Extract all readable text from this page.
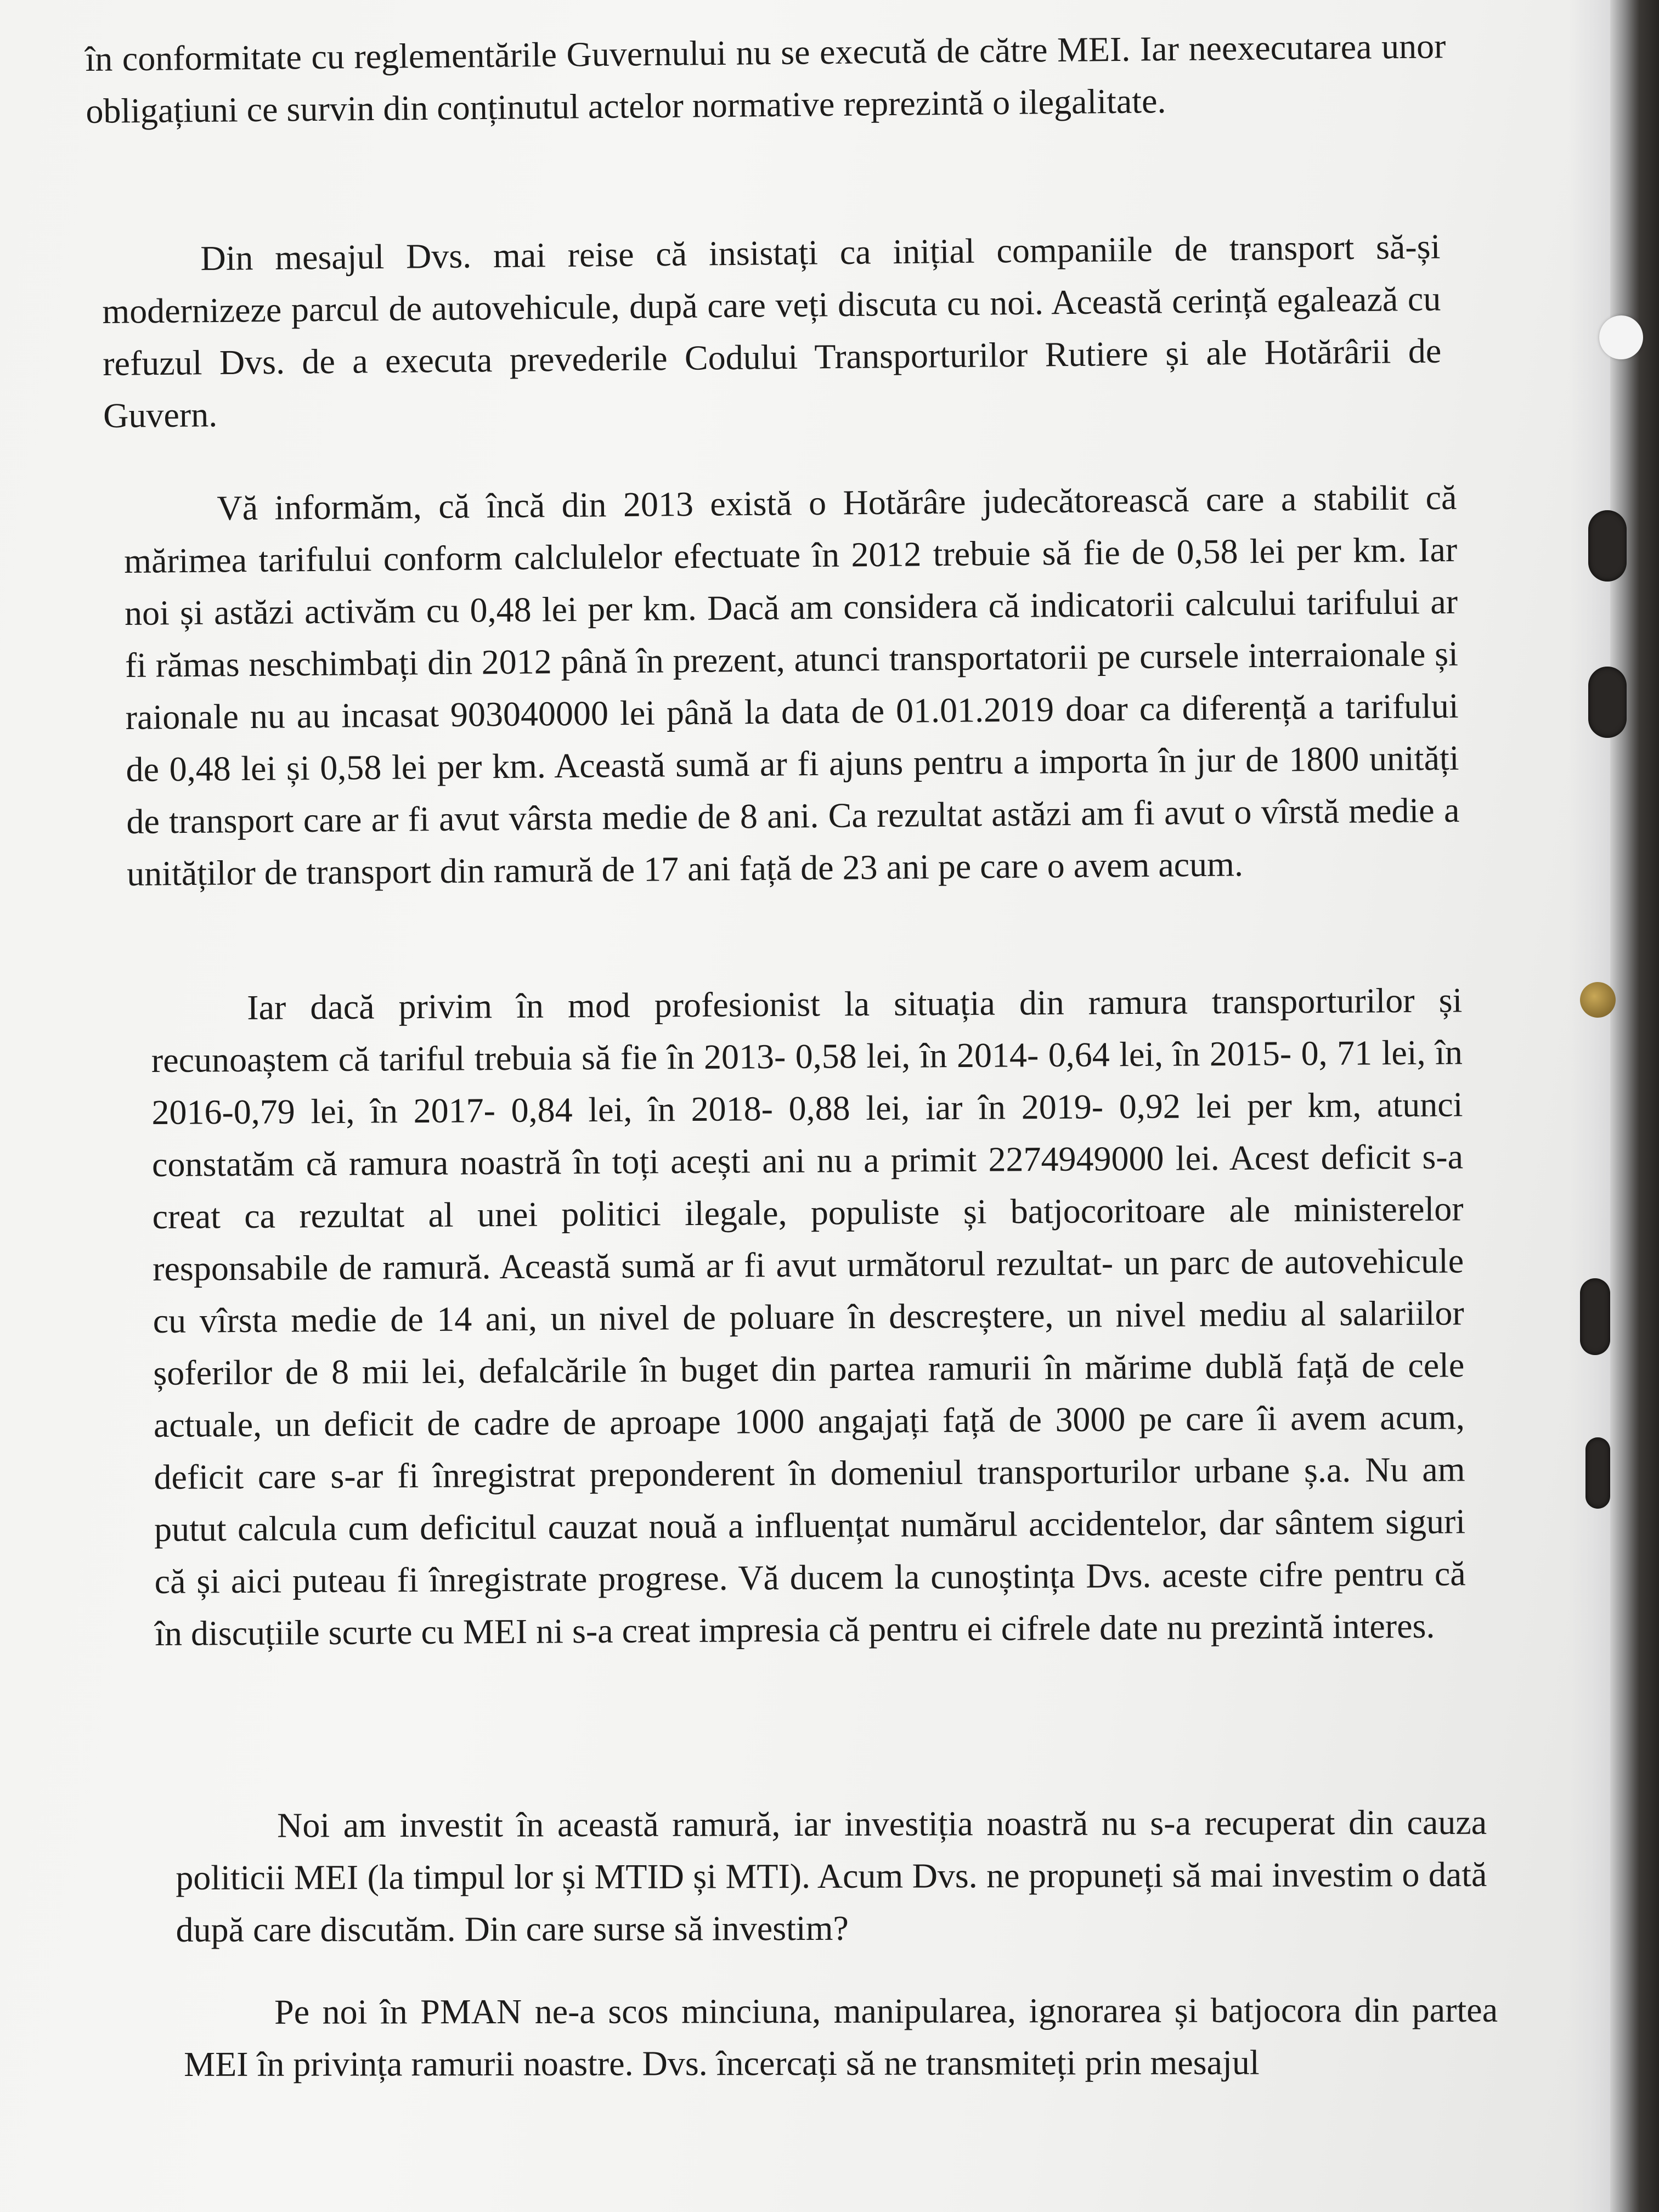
în conformitate cu reglementările Guvernului nu se execută de către MEI. Iar neexecutarea unor obligațiuni ce survin din conținutul actelor normative reprezintă o ilegalitate.

Din mesajul Dvs. mai reise că insistați ca inițial companiile de transport să-și modernizeze parcul de autovehicule, după care veți discuta cu noi. Această cerință egalează cu refuzul Dvs. de a executa prevederile Codului Transporturilor Rutiere și ale Hotărârii de Guvern.

Vă informăm, că încă din 2013 există o Hotărâre judecătorească care a stabilit că mărimea tarifului conform calclulelor efectuate în 2012 trebuie să fie de 0,58 lei per km. Iar noi și astăzi activăm cu 0,48 lei per km. Dacă am considera că indicatorii calcului tarifului ar fi rămas neschimbați din 2012 până în prezent, atunci transportatorii pe cursele interraionale și raionale nu au incasat 903040000 lei până la data de 01.01.2019 doar ca diferență a tarifului de 0,48 lei și 0,58 lei per km. Această sumă ar fi ajuns pentru a importa în jur de 1800 unități de transport care ar fi avut vârsta medie de 8 ani. Ca rezultat astăzi am fi avut o vîrstă medie a unităților de transport din ramură de 17 ani față de 23 ani pe care o avem acum.

Iar dacă privim în mod profesionist la situația din ramura transporturilor și recunoaștem că tariful trebuia să fie în 2013- 0,58 lei, în 2014- 0,64 lei, în 2015- 0, 71 lei, în 2016-0,79 lei, în 2017- 0,84 lei, în 2018- 0,88 lei, iar în 2019- 0,92 lei per km, atunci constatăm că ramura noastră în toți acești ani nu a primit 2274949000 lei. Acest deficit s-a creat ca rezultat al unei politici ilegale, populiste și batjocoritoare ale ministerelor responsabile de ramură. Această sumă ar fi avut următorul rezultat- un parc de autovehicule cu vîrsta medie de 14 ani, un nivel de poluare în descreștere, un nivel mediu al salariilor șoferilor de 8 mii lei, defalcările în buget din partea ramurii în mărime dublă față de cele actuale, un deficit de cadre de aproape 1000 angajați față de 3000 pe care îi avem acum, deficit care s-ar fi înregistrat preponderent în domeniul transporturilor urbane ș.a. Nu am putut calcula cum deficitul cauzat nouă a influențat numărul accidentelor, dar sântem siguri că și aici puteau fi înregistrate progrese. Vă ducem la cunoștința Dvs. aceste cifre pentru că în discuțiile scurte cu MEI ni s-a creat impresia că pentru ei cifrele date nu prezintă interes.

Noi am investit în această ramură, iar investiția noastră nu s-a recuperat din cauza politicii MEI (la timpul lor și MTID și MTI). Acum Dvs. ne propuneți să mai investim o dată după care discutăm. Din care surse să investim?

Pe noi în PMAN ne-a scos minciuna, manipularea, ignorarea și batjocora din partea MEI în privința ramurii noastre. Dvs. încercați să ne transmiteți prin mesajul
